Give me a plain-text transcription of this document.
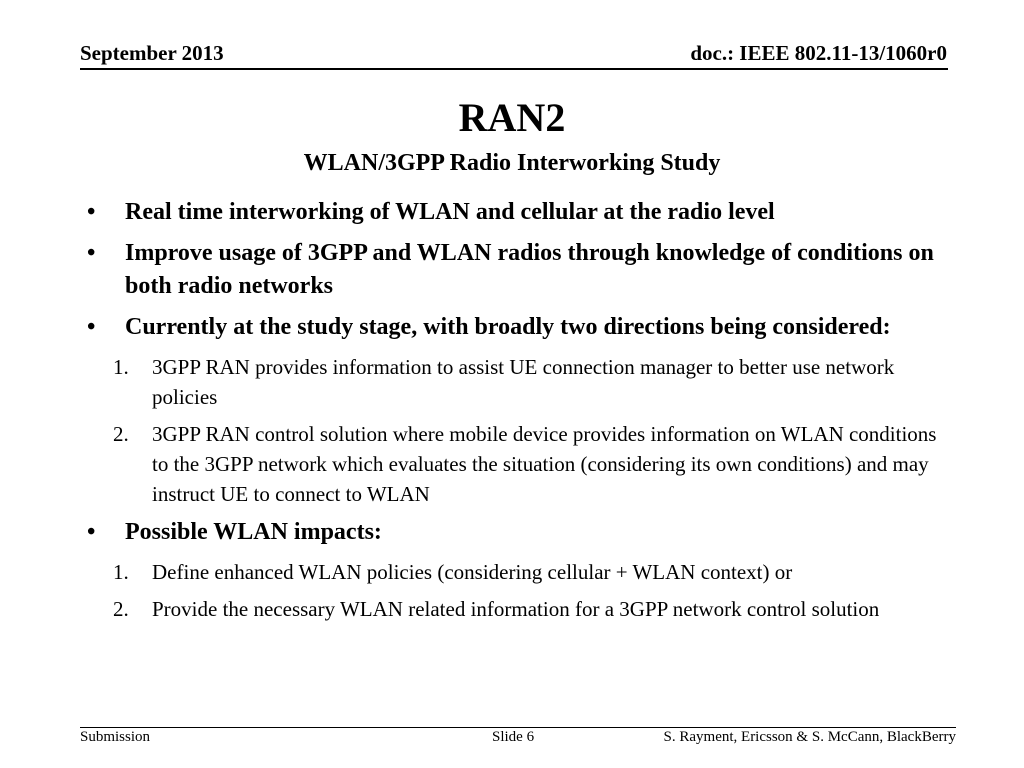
September 2013	doc.: IEEE 802.11-13/1060r0
RAN2
WLAN/3GPP Radio Interworking Study
• Real time interworking of WLAN and cellular at the radio level
• Improve usage of 3GPP and WLAN radios through knowledge of conditions on both radio networks
• Currently at the study stage, with broadly two directions being considered:
1. 3GPP RAN provides information to assist UE connection manager to better use network policies
2. 3GPP RAN control solution where mobile device provides information on WLAN conditions to the 3GPP network which evaluates the situation (considering its own conditions) and may instruct UE to connect to WLAN
• Possible WLAN impacts:
1. Define enhanced WLAN policies (considering cellular + WLAN context) or
2. Provide the necessary WLAN related information for a 3GPP network control solution
Submission	Slide 6	S. Rayment, Ericsson & S. McCann, BlackBerry
